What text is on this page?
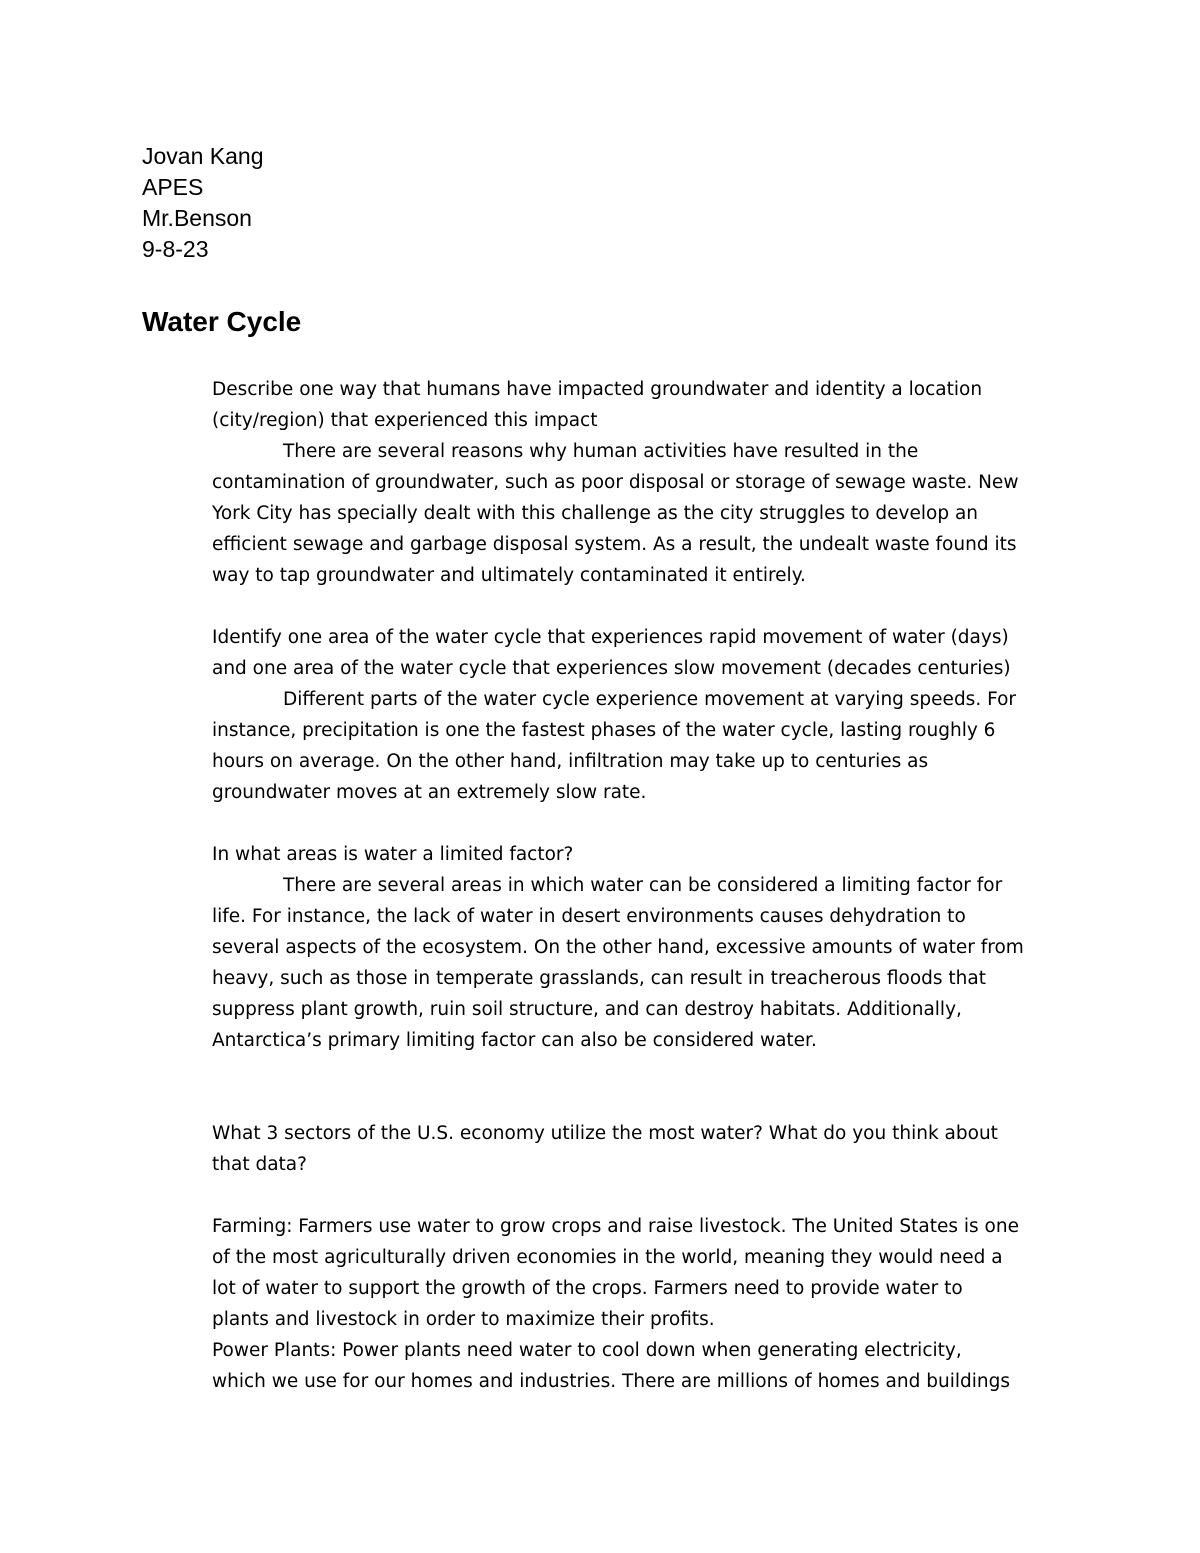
Jovan Kang
APES
Mr.Benson
9-8-23
Water Cycle
Describe one way that humans have impacted groundwater and identity a location
(city/region) that experienced this impact
There are several reasons why human activities have resulted in the
contamination of groundwater, such as poor disposal or storage of sewage waste. New
York City has specially dealt with this challenge as the city struggles to develop an
efficient sewage and garbage disposal system. As a result, the undealt waste found its
way to tap groundwater and ultimately contaminated it entirely.
Identify one area of the water cycle that experiences rapid movement of water (days)
and one area of the water cycle that experiences slow movement (decades centuries)
Different parts of the water cycle experience movement at varying speeds. For
instance, precipitation is one the fastest phases of the water cycle, lasting roughly 6
hours on average. On the other hand, infiltration may take up to centuries as
groundwater moves at an extremely slow rate.
In what areas is water a limited factor?
There are several areas in which water can be considered a limiting factor for
life. For instance, the lack of water in desert environments causes dehydration to
several aspects of the ecosystem. On the other hand, excessive amounts of water from
heavy, such as those in temperate grasslands, can result in treacherous floods that
suppress plant growth, ruin soil structure, and can destroy habitats. Additionally,
Antarctica’s primary limiting factor can also be considered water.
What 3 sectors of the U.S. economy utilize the most water? What do you think about
that data?
Farming: Farmers use water to grow crops and raise livestock. The United States is one
of the most agriculturally driven economies in the world, meaning they would need a
lot of water to support the growth of the crops. Farmers need to provide water to
plants and livestock in order to maximize their profits.
Power Plants: Power plants need water to cool down when generating electricity,
which we use for our homes and industries. There are millions of homes and buildings
